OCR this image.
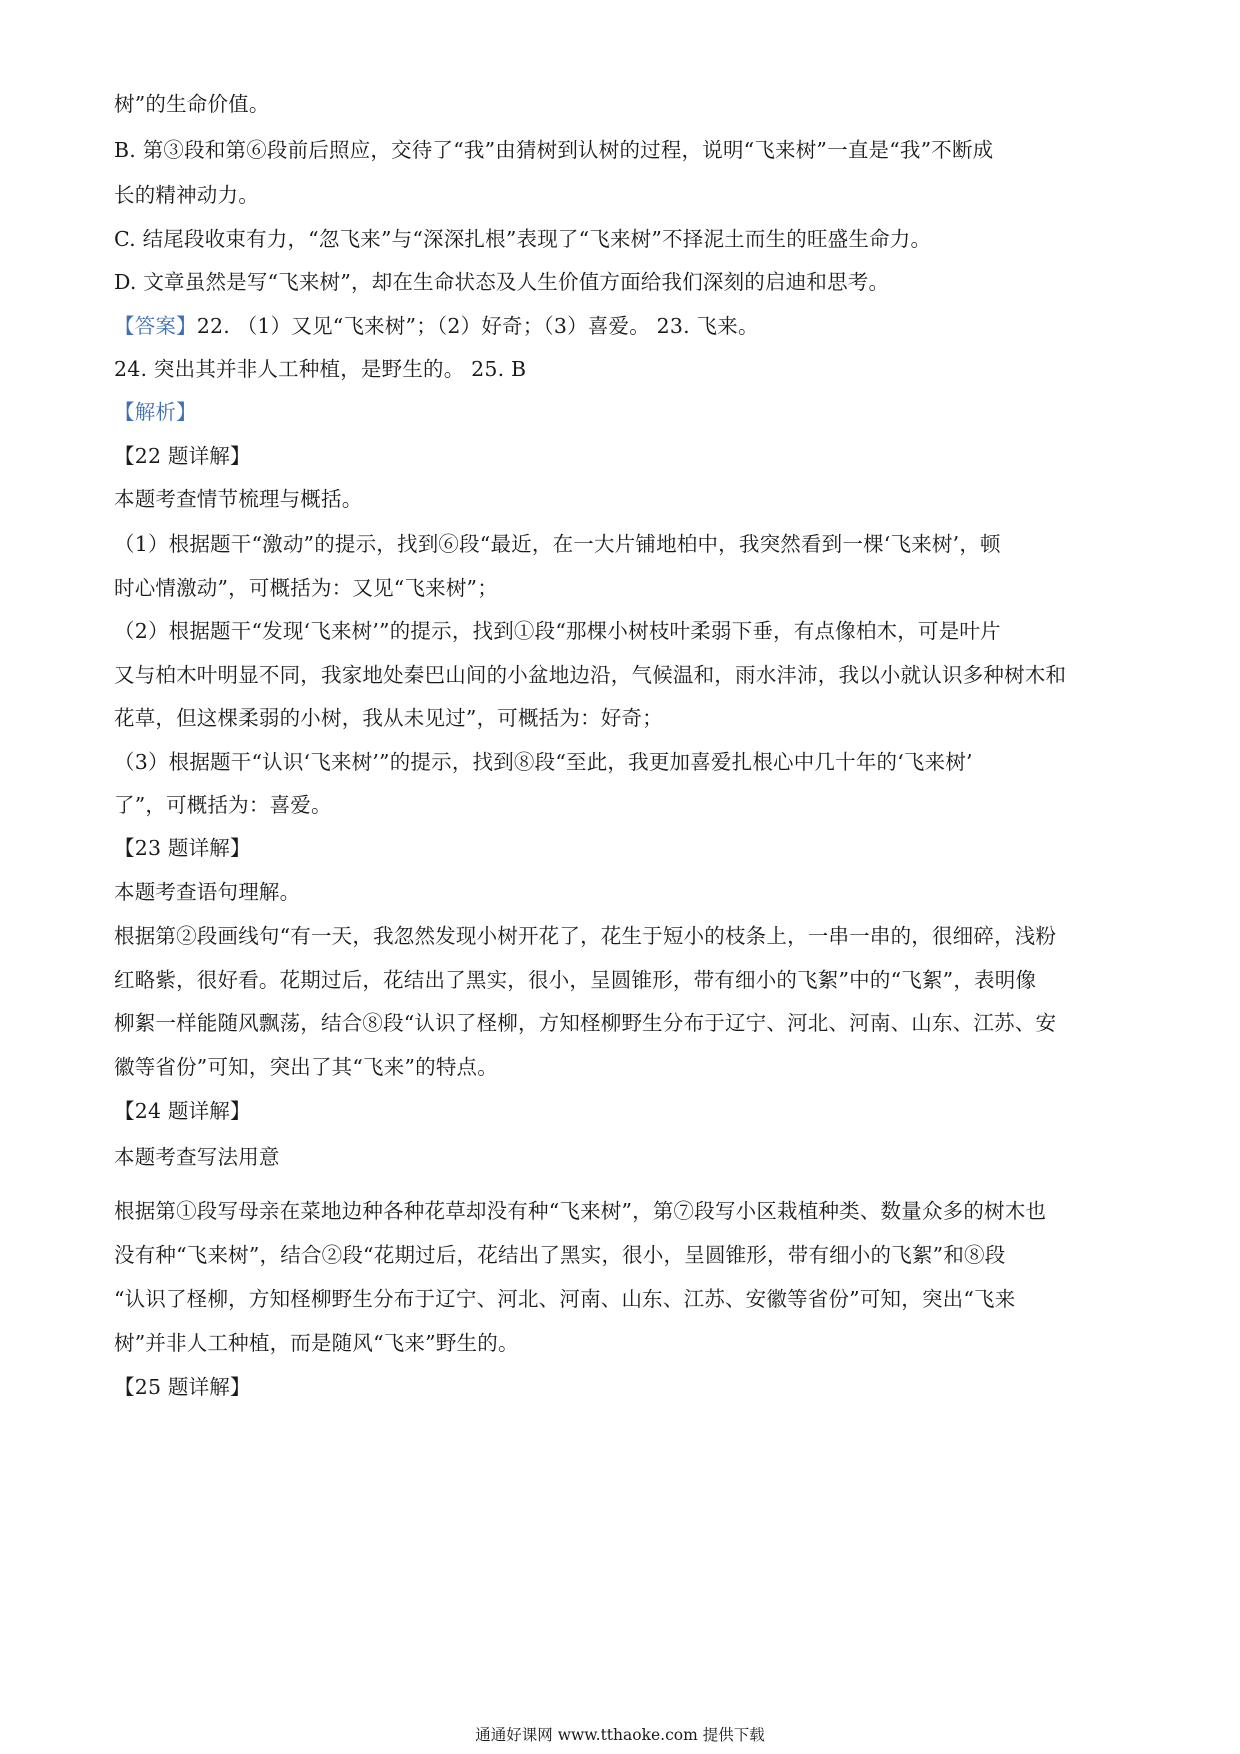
树”的生命价值。
B. 第③段和第⑥段前后照应，交待了“我”由猜树到认树的过程，说明“飞来树”一直是“我”不断成
长的精神动力。
C. 结尾段收束有力，“忽飞来”与“深深扎根”表现了“飞来树”不择泥土而生的旺盛生命力。
D. 文章虽然是写“飞来树”，却在生命状态及人生价值方面给我们深刻的启迪和思考。
【答案】22. （1）又见“飞来树”；（2）好奇；（3）喜爱。 23. 飞来。
24. 突出其并非人工种植，是野生的。 25. B
【解析】
【22 题详解】
本题考查情节梳理与概括。
（1）根据题干“激动”的提示，找到⑥段“最近，在一大片铺地柏中，我突然看到一棵‘飞来树’，顿
时心情激动”，可概括为：又见“飞来树”；
（2）根据题干“发现‘飞来树’”的提示，找到①段“那棵小树枝叶柔弱下垂，有点像柏木，可是叶片
又与柏木叶明显不同，我家地处秦巴山间的小盆地边沿，气候温和，雨水沣沛，我以小就认识多种树木和
花草，但这棵柔弱的小树，我从未见过”，可概括为：好奇；
（3）根据题干“认识‘飞来树’”的提示，找到⑧段“至此，我更加喜爱扎根心中几十年的‘飞来树’
了”，可概括为：喜爱。
【23 题详解】
本题考查语句理解。
根据第②段画线句“有一天，我忽然发现小树开花了，花生于短小的枝条上，一串一串的，很细碎，浅粉
红略紫，很好看。花期过后，花结出了黑实，很小，呈圆锥形，带有细小的飞絮”中的“飞絮”，表明像
柳絮一样能随风飘荡，结合⑧段“认识了柽柳，方知柽柳野生分布于辽宁、河北、河南、山东、江苏、安
徽等省份”可知，突出了其“飞来”的特点。
【24 题详解】
本题考查写法用意
根据第①段写母亲在菜地边种各种花草却没有种“飞来树”，第⑦段写小区栽植种类、数量众多的树木也
没有种“飞来树”，结合②段“花期过后，花结出了黑实，很小，呈圆锥形，带有细小的飞絮”和⑧段
“认识了柽柳，方知柽柳野生分布于辽宁、河北、河南、山东、江苏、安徽等省份”可知，突出“飞来
树”并非人工种植，而是随风“飞来”野生的。
【25 题详解】
通通好课网 www.tthaoke.com 提供下载
